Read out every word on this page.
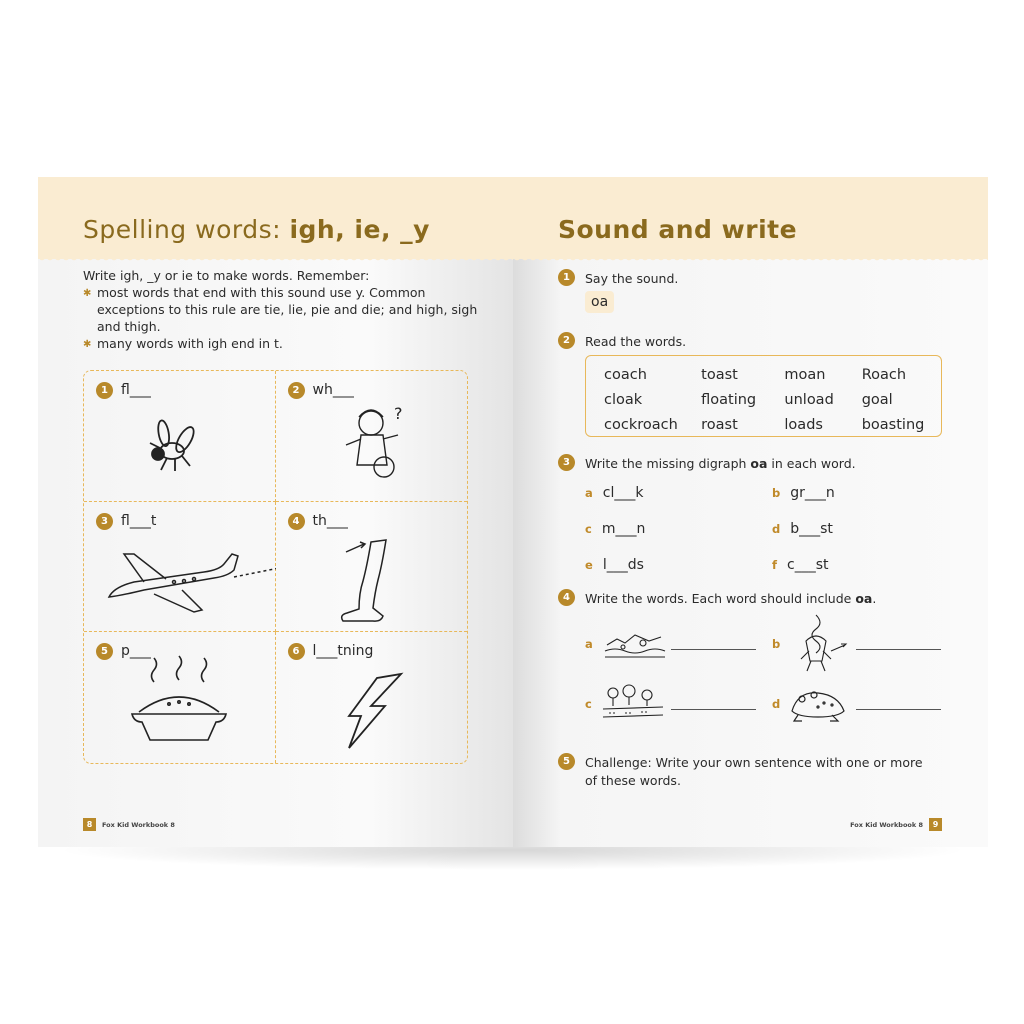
Spelling words: igh, ie, _y
Write igh, _y or ie to make words. Remember:
✱ most words that end with this sound use y. Common exceptions to this rule are tie, lie, pie and die; and high, sigh and thigh.
✱ many words with igh end in t.
1 fl___	2 wh___
?
3 fl___t	4 th___
5 p___	6 l___tning
8	Fox Kid Workbook 8
Sound and write
1	Say the sound.
oa
2	Read the words.
coach	toast	moan	Roach
cloak	floating	unload	goal
cockroach	roast	loads	boasting
3	Write the missing digraph oa in each word.
a cl___k	b gr___n
c m___n	d b___st
e l___ds	f c___st
4	Write the words. Each word should include oa.
a	b
c	d
5	Challenge: Write your own sentence with one or more of these words.
Fox Kid Workbook 8	9
